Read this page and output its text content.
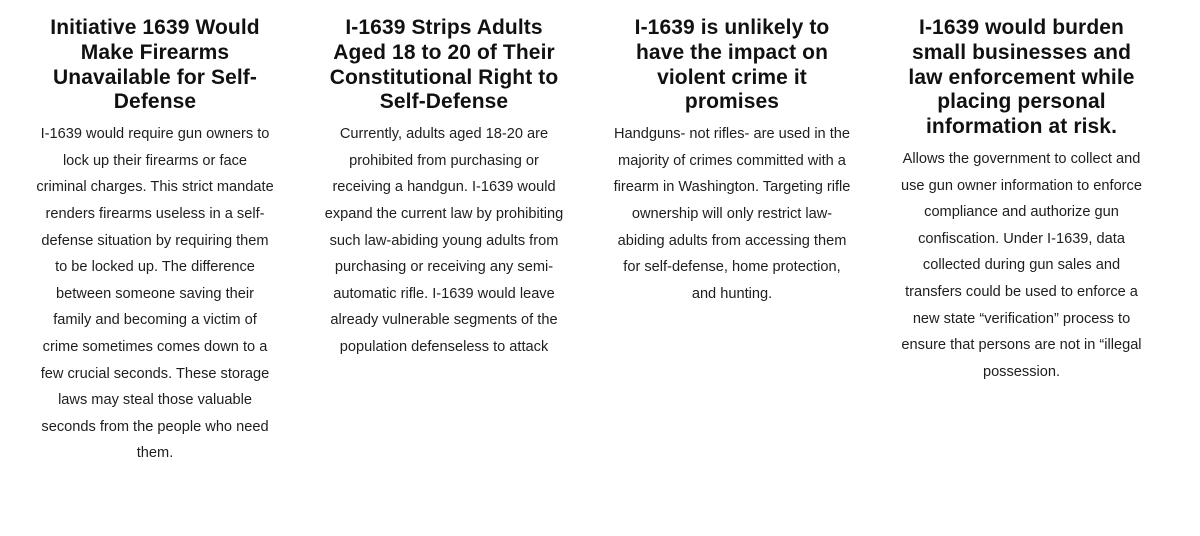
Initiative 1639 Would Make Firearms Unavailable for Self-Defense

I-1639 would require gun owners to lock up their firearms or face criminal charges. This strict mandate renders firearms useless in a self-defense situation by requiring them to be locked up. The difference between someone saving their family and becoming a victim of crime sometimes comes down to a few crucial seconds. These storage laws may steal those valuable seconds from the people who need them.

I-1639 Strips Adults Aged 18 to 20 of Their Constitutional Right to Self-Defense

Currently, adults aged 18-20 are prohibited from purchasing or receiving a handgun. I-1639 would expand the current law by prohibiting such law-abiding young adults from purchasing or receiving any semi-automatic rifle. I-1639 would leave already vulnerable segments of the population defenseless to attack

I-1639 is unlikely to have the impact on violent crime it promises

Handguns- not rifles- are used in the majority of crimes committed with a firearm in Washington. Targeting rifle ownership will only restrict law-abiding adults from accessing them for self-defense, home protection, and hunting.

I-1639 would burden small businesses and law enforcement while placing personal information at risk.

Allows the government to collect and use gun owner information to enforce compliance and authorize gun confiscation. Under I-1639, data collected during gun sales and transfers could be used to enforce a new state “verification” process to ensure that persons are not in “illegal possession.
